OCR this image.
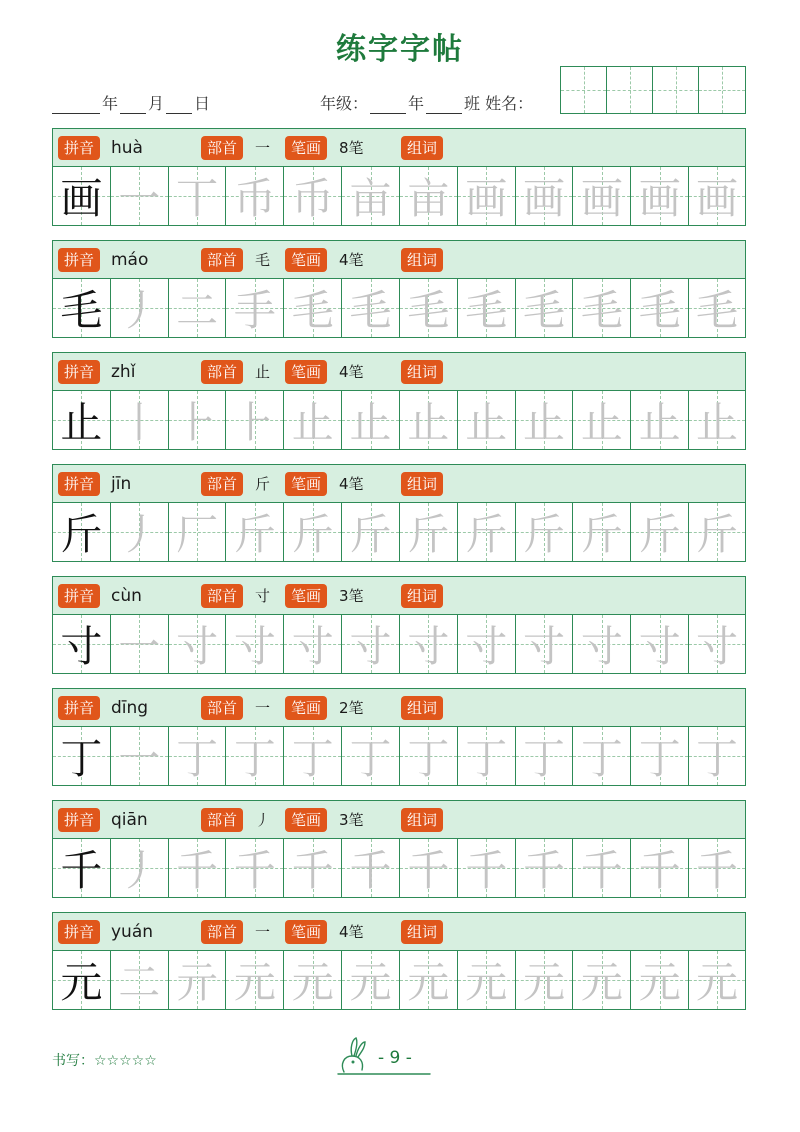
练字字帖
年 月 日	年级：	年	班 姓名：
拼音 huà	部首	一	笔画	8笔	组词
画 一 丅 币 币 亩 亩 画 画 画 画 画
拼音 máo	部首	毛	笔画	4笔	组词
毛 丿 二 手 毛 毛 毛 毛 毛 毛 毛 毛
拼音 zhǐ	部首	止	笔画	4笔	组词
止 丨 ⺊ ⺊ 止 止 止 止 止 止 止 止
拼音 jīn	部首	斤	笔画	4笔	组词
斤 丿 厂 斤 斤 斤 斤 斤 斤 斤 斤 斤
拼音 cùn	部首	寸	笔画	3笔	组词
寸 一 寸 寸 寸 寸 寸 寸 寸 寸 寸 寸
拼音 dīng	部首	一	笔画	2笔	组词
丁 一 丁 丁 丁 丁 丁 丁 丁 丁 丁 丁
拼音 qiān	部首	丿	笔画	3笔	组词
千 丿 千 千 千 千 千 千 千 千 千 千
拼音 yuán	部首	一	笔画	4笔	组词
元 二 亓 元 元 元 元 元 元 元 元 元
书写：☆☆☆☆☆	- 9 -
